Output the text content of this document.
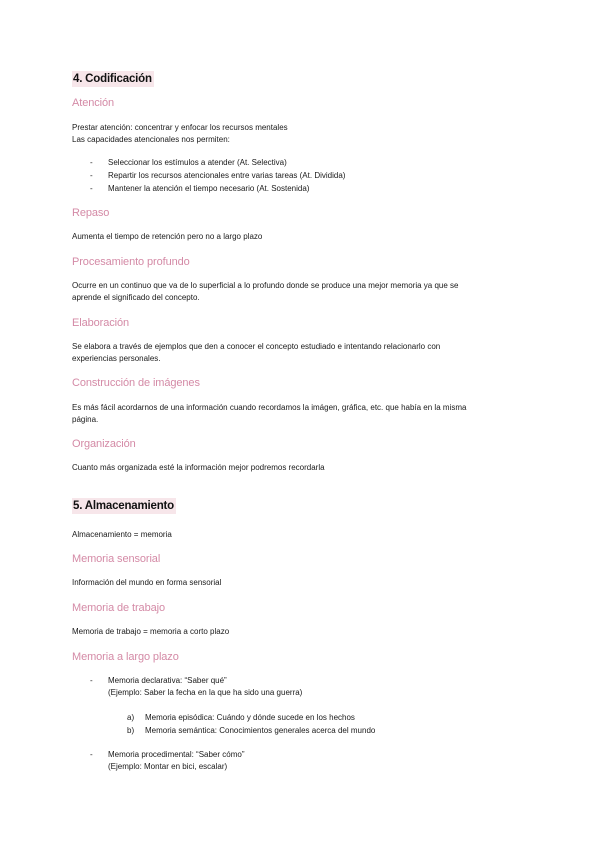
4. Codificación
Atención
Prestar atención: concentrar y enfocar los recursos mentales
Las capacidades atencionales nos permiten:
- Seleccionar los estímulos a atender (At. Selectiva)
- Repartir los recursos atencionales entre varias tareas (At. Dividida)
- Mantener la atención el tiempo necesario (At. Sostenida)
Repaso
Aumenta el tiempo de retención pero no a largo plazo
Procesamiento profundo
Ocurre en un continuo que va de lo superficial a lo profundo donde se produce una mejor memoria ya que se
aprende el significado del concepto.
Elaboración
Se elabora a través de ejemplos que den a conocer el concepto estudiado e intentando relacionarlo con
experiencias personales.
Construcción de imágenes
Es más fácil acordarnos de una información cuando recordamos la imágen, gráfica, etc. que había en la misma
página.
Organización
Cuanto más organizada esté la información mejor podremos recordarla
5. Almacenamiento
Almacenamiento = memoria
Memoria sensorial
Información del mundo en forma sensorial
Memoria de trabajo
Memoria de trabajo = memoria a corto plazo
Memoria a largo plazo
- Memoria declarativa: “Saber qué”
(Ejemplo: Saber la fecha en la que ha sido una guerra)
a) Memoria episódica: Cuándo y dónde sucede en los hechos
b) Memoria semántica: Conocimientos generales acerca del mundo
- Memoria procedimental: “Saber cómo”
(Ejemplo: Montar en bici, escalar)
